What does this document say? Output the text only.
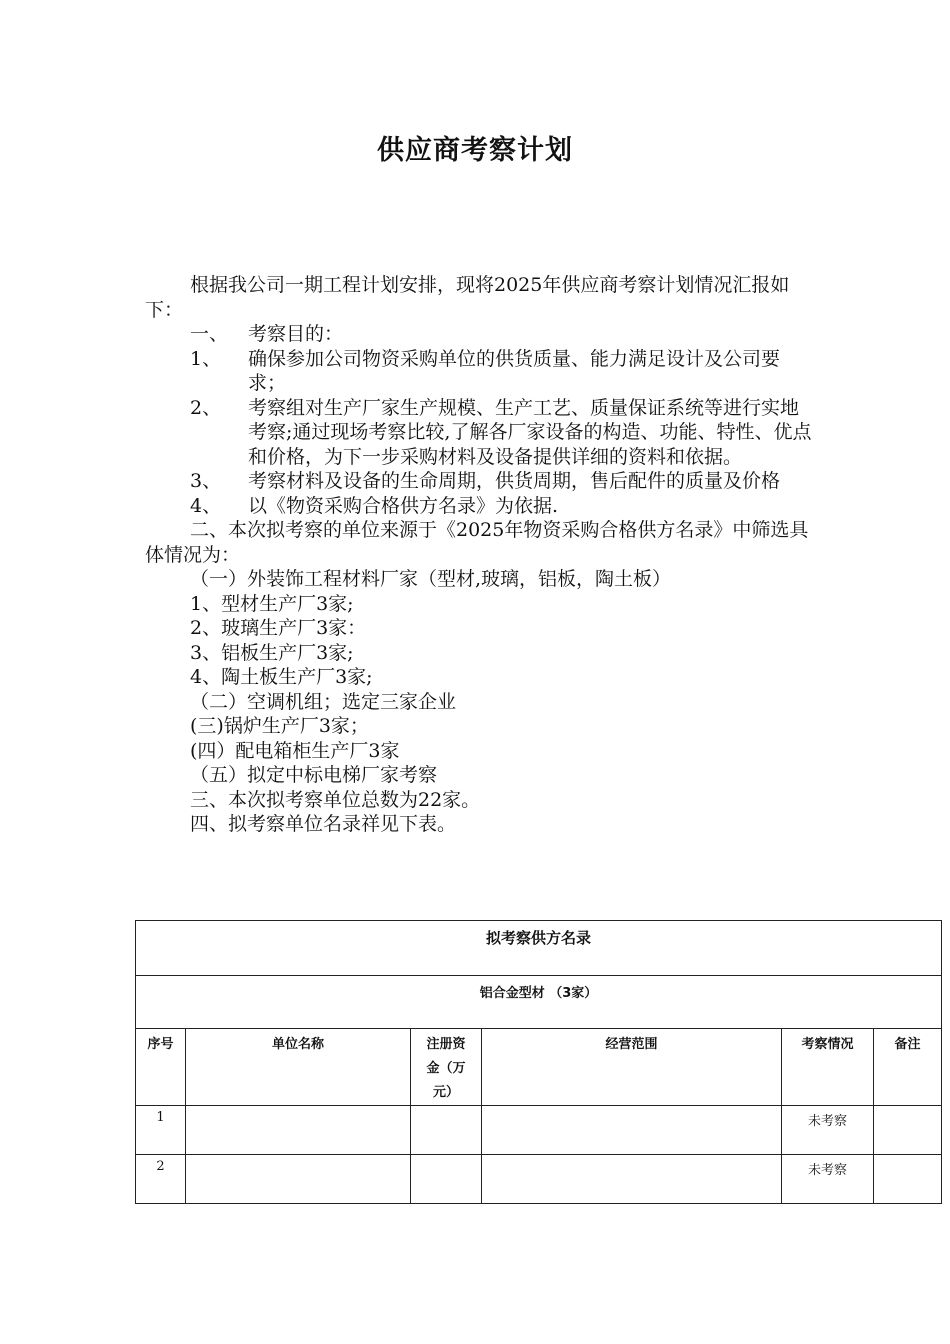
供应商考察计划

根据我公司一期工程计划安排，现将2025年供应商考察计划情况汇报如下：

一、	考察目的：
1、	确保参加公司物资采购单位的供货质量、能力满足设计及公司要求；
2、	考察组对生产厂家生产规模、生产工艺、质量保证系统等进行实地考察;通过现场考察比较,了解各厂家设备的构造、功能、特性、优点和价格，为下一步采购材料及设备提供详细的资料和依据。
3、	考察材料及设备的生命周期，供货周期，售后配件的质量及价格
4、	以《物资采购合格供方名录》为依据.

二、本次拟考察的单位来源于《2025年物资采购合格供方名录》中筛选具体情况为：

（一）外装饰工程材料厂家（型材,玻璃，铝板，陶土板）

1、型材生产厂3家;

2、玻璃生产厂3家：

3、铝板生产厂3家;

4、陶土板生产厂3家;

（二）空调机组；选定三家企业

(三)锅炉生产厂3家；

(四）配电箱柜生产厂3家

（五）拟定中标电梯厂家考察

三、本次拟考察单位总数为22家。

四、拟考察单位名录祥见下表。

拟考察供方名录					
铝合金型材 （3家）					
序号	单位名称	注册资
金（万
元）	经营范围	考察情况	备注
1				未考察	
2				未考察	
